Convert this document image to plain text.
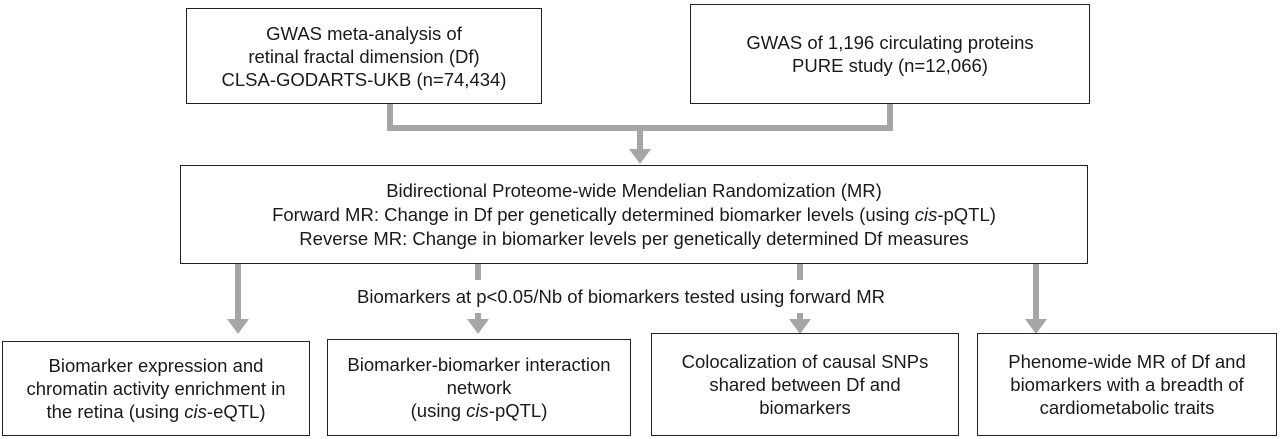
GWAS meta-analysis of
retinal fractal dimension (Df)
CLSA-GODARTS-UKB (n=74,434)
GWAS of 1,196 circulating proteins
PURE study (n=12,066)
Bidirectional Proteome-wide Mendelian Randomization (MR)
Forward MR: Change in Df per genetically determined biomarker levels (using cis-pQTL)
Reverse MR: Change in biomarker levels per genetically determined Df measures
Biomarkers at p<0.05/Nb of biomarkers tested using forward MR
Biomarker expression and
chromatin activity enrichment in
the retina (using cis-eQTL)
Biomarker-biomarker interaction
network
(using cis-pQTL)
Colocalization of causal SNPs
shared between Df and
biomarkers
Phenome-wide MR of Df and
biomarkers with a breadth of
cardiometabolic traits
